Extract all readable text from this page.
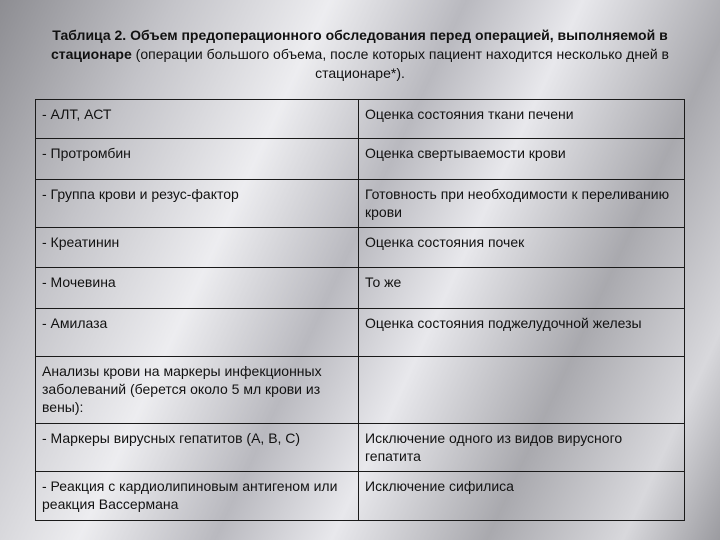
Таблица 2. Объем предоперационного обследования перед операцией, выполняемой в стационаре (операции большого объема, после которых пациент находится несколько дней в стационаре*).
- АЛТ, АСТ	Оценка состояния ткани печени
- Протромбин	Оценка свертываемости крови
- Группа крови и резус-фактор	Готовность при необходимости к переливанию крови
- Креатинин	Оценка состояния почек
- Мочевина	То же
- Амилаза	Оценка состояния поджелудочной железы
Анализы крови на маркеры инфекционных заболеваний (берется около 5 мл крови из вены):	
- Маркеры вирусных гепатитов (А, В, С)	Исключение одного из видов вирусного гепатита
- Реакция с кардиолипиновым антигеном или реакция Вассермана	Исключение сифилиса
